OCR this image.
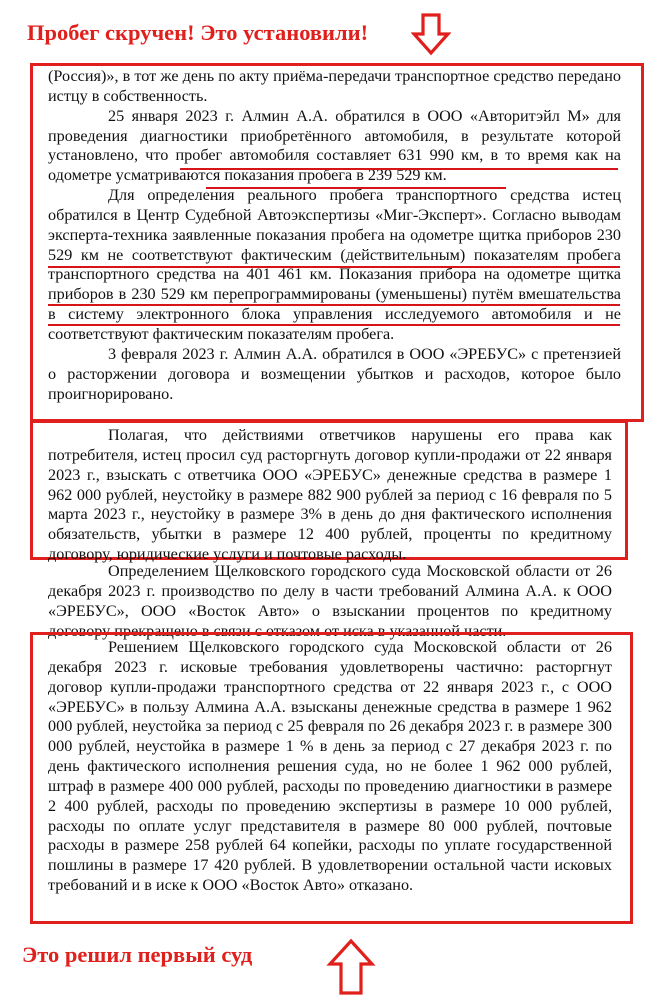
Пробег скручен! Это установили!

(Россия)», в тот же день по акту приёма-передачи транспортное средство передано истцу в собственность.

25 января 2023 г. Алмин А.А. обратился в ООО «Авторитэйл М» для проведения диагностики приобретённого автомобиля, в результате которой установлено, что пробег автомобиля составляет 631 990 км, в то время как на одометре усматриваются показания пробега в 239 529 км.

Для определения реального пробега транспортного средства истец обратился в Центр Судебной Автоэкспертизы «Миг-Эксперт». Согласно выводам эксперта-техника заявленные показания пробега на одометре щитка приборов 230 529 км не соответствуют фактическим (действительным) показателям пробега транспортного средства на 401 461 км. Показания прибора на одометре щитка приборов в 230 529 км перепрограммированы (уменьшены) путём вмешательства в систему электронного блока управления исследуемого автомобиля и не соответствуют фактическим показателям пробега.

3 февраля 2023 г. Алмин А.А. обратился в ООО «ЭРЕБУС» с претензией о расторжении договора и возмещении убытков и расходов, которое было проигнорировано.

Полагая, что действиями ответчиков нарушены его права как потребителя, истец просил суд расторгнуть договор купли-продажи от 22 января 2023 г., взыскать с ответчика ООО «ЭРЕБУС» денежные средства в размере 1 962 000 рублей, неустойку в размере 882 900 рублей за период с 16 февраля по 5 марта 2023 г., неустойку в размере 3% в день до дня фактического исполнения обязательств, убытки в размере 12 400 рублей, проценты по кредитному договору, юридические услуги и почтовые расходы.
Определением Щелковского городского суда Московской области от 26 декабря 2023 г. производство по делу в части требований Алмина А.А. к ООО «ЭРЕБУС», ООО «Восток Авто» о взыскании процентов по кредитному договору прекращено в связи с отказом от иска в указанной части.
Решением Щелковского городского суда Московской области от 26 декабря 2023 г. исковые требования удовлетворены частично: расторгнут договор купли-продажи транспортного средства от 22 января 2023 г., с ООО «ЭРЕБУС» в пользу Алмина А.А. взысканы денежные средства в размере 1 962 000 рублей, неустойка за период с 25 февраля по 26 декабря 2023 г. в размере 300 000 рублей, неустойка в размере 1 % в день за период с 27 декабря 2023 г. по день фактического исполнения решения суда, но не более 1 962 000 рублей, штраф в размере 400 000 рублей, расходы по проведению диагностики в размере 2 400 рублей, расходы по проведению экспертизы в размере 10 000 рублей, расходы по оплате услуг представителя в размере 80 000 рублей, почтовые расходы в размере 258 рублей 64 копейки, расходы по уплате государственной пошлины в размере 17 420 рублей. В удовлетворении остальной части исковых требований и в иске к ООО «Восток Авто» отказано.
Это решил первый суд
